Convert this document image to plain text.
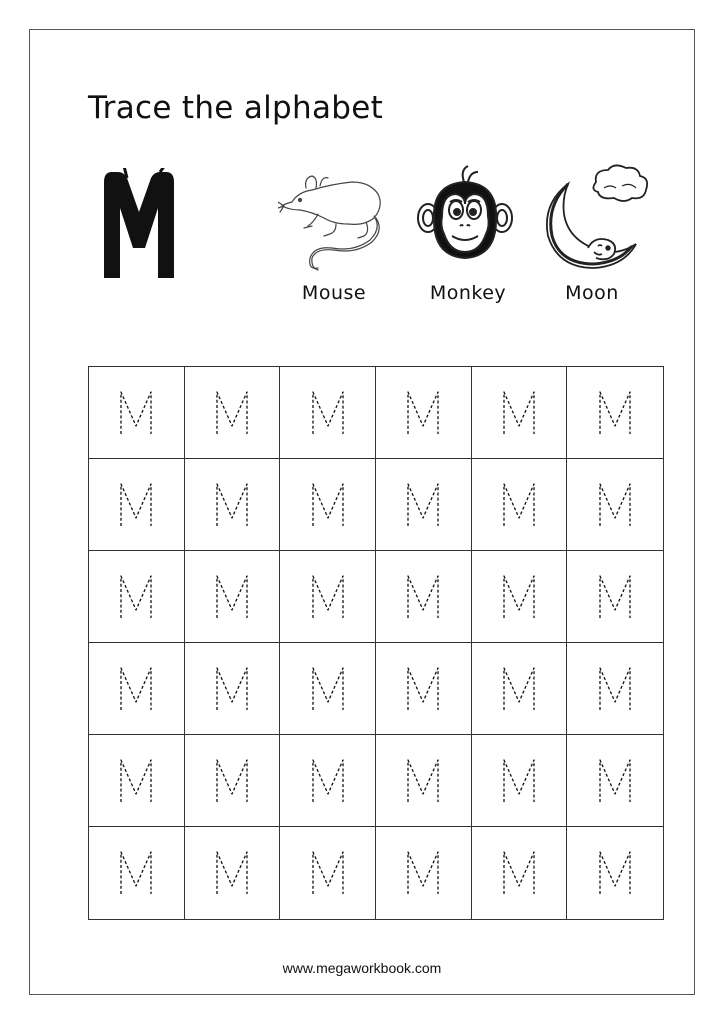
Trace the alphabet
Mouse	Monkey	Moon
www.megaworkbook.com
